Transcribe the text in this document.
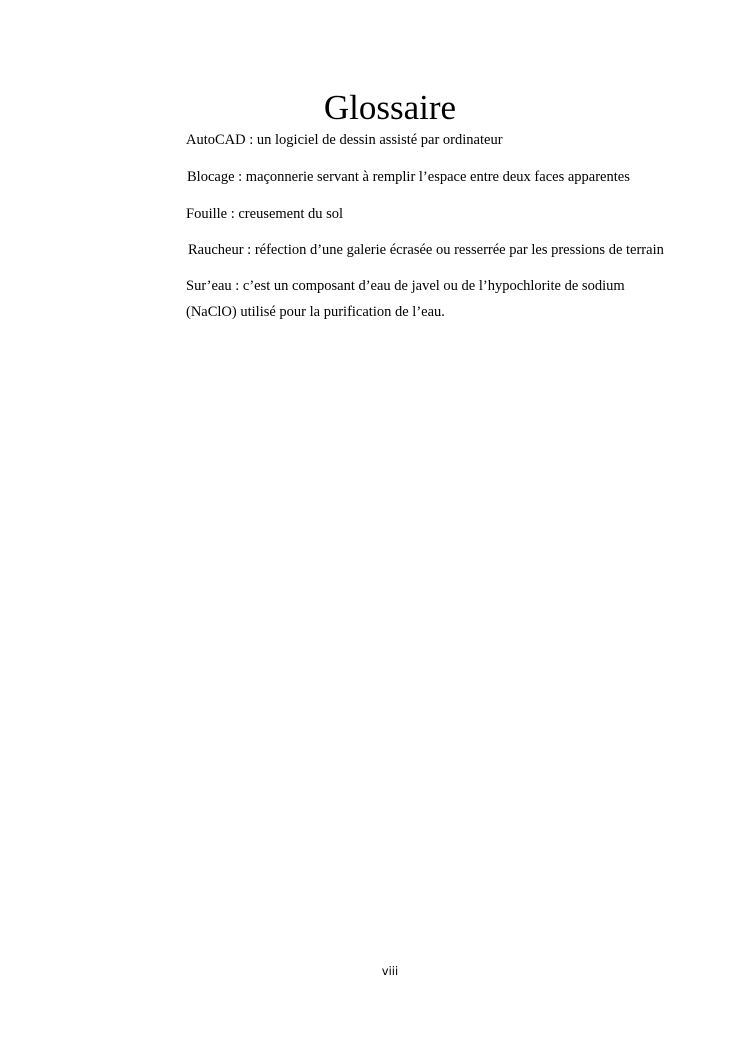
Glossaire

AutoCAD : un logiciel de dessin assisté par ordinateur

Blocage : maçonnerie servant à remplir l’espace entre deux faces apparentes

Fouille : creusement du sol

Raucheur : réfection d’une galerie écrasée ou resserrée par les pressions de terrain

Sur’eau : c’est un composant d’eau de javel ou de l’hypochlorite de sodium

(NaClO) utilisé pour la purification de l’eau.

viii
